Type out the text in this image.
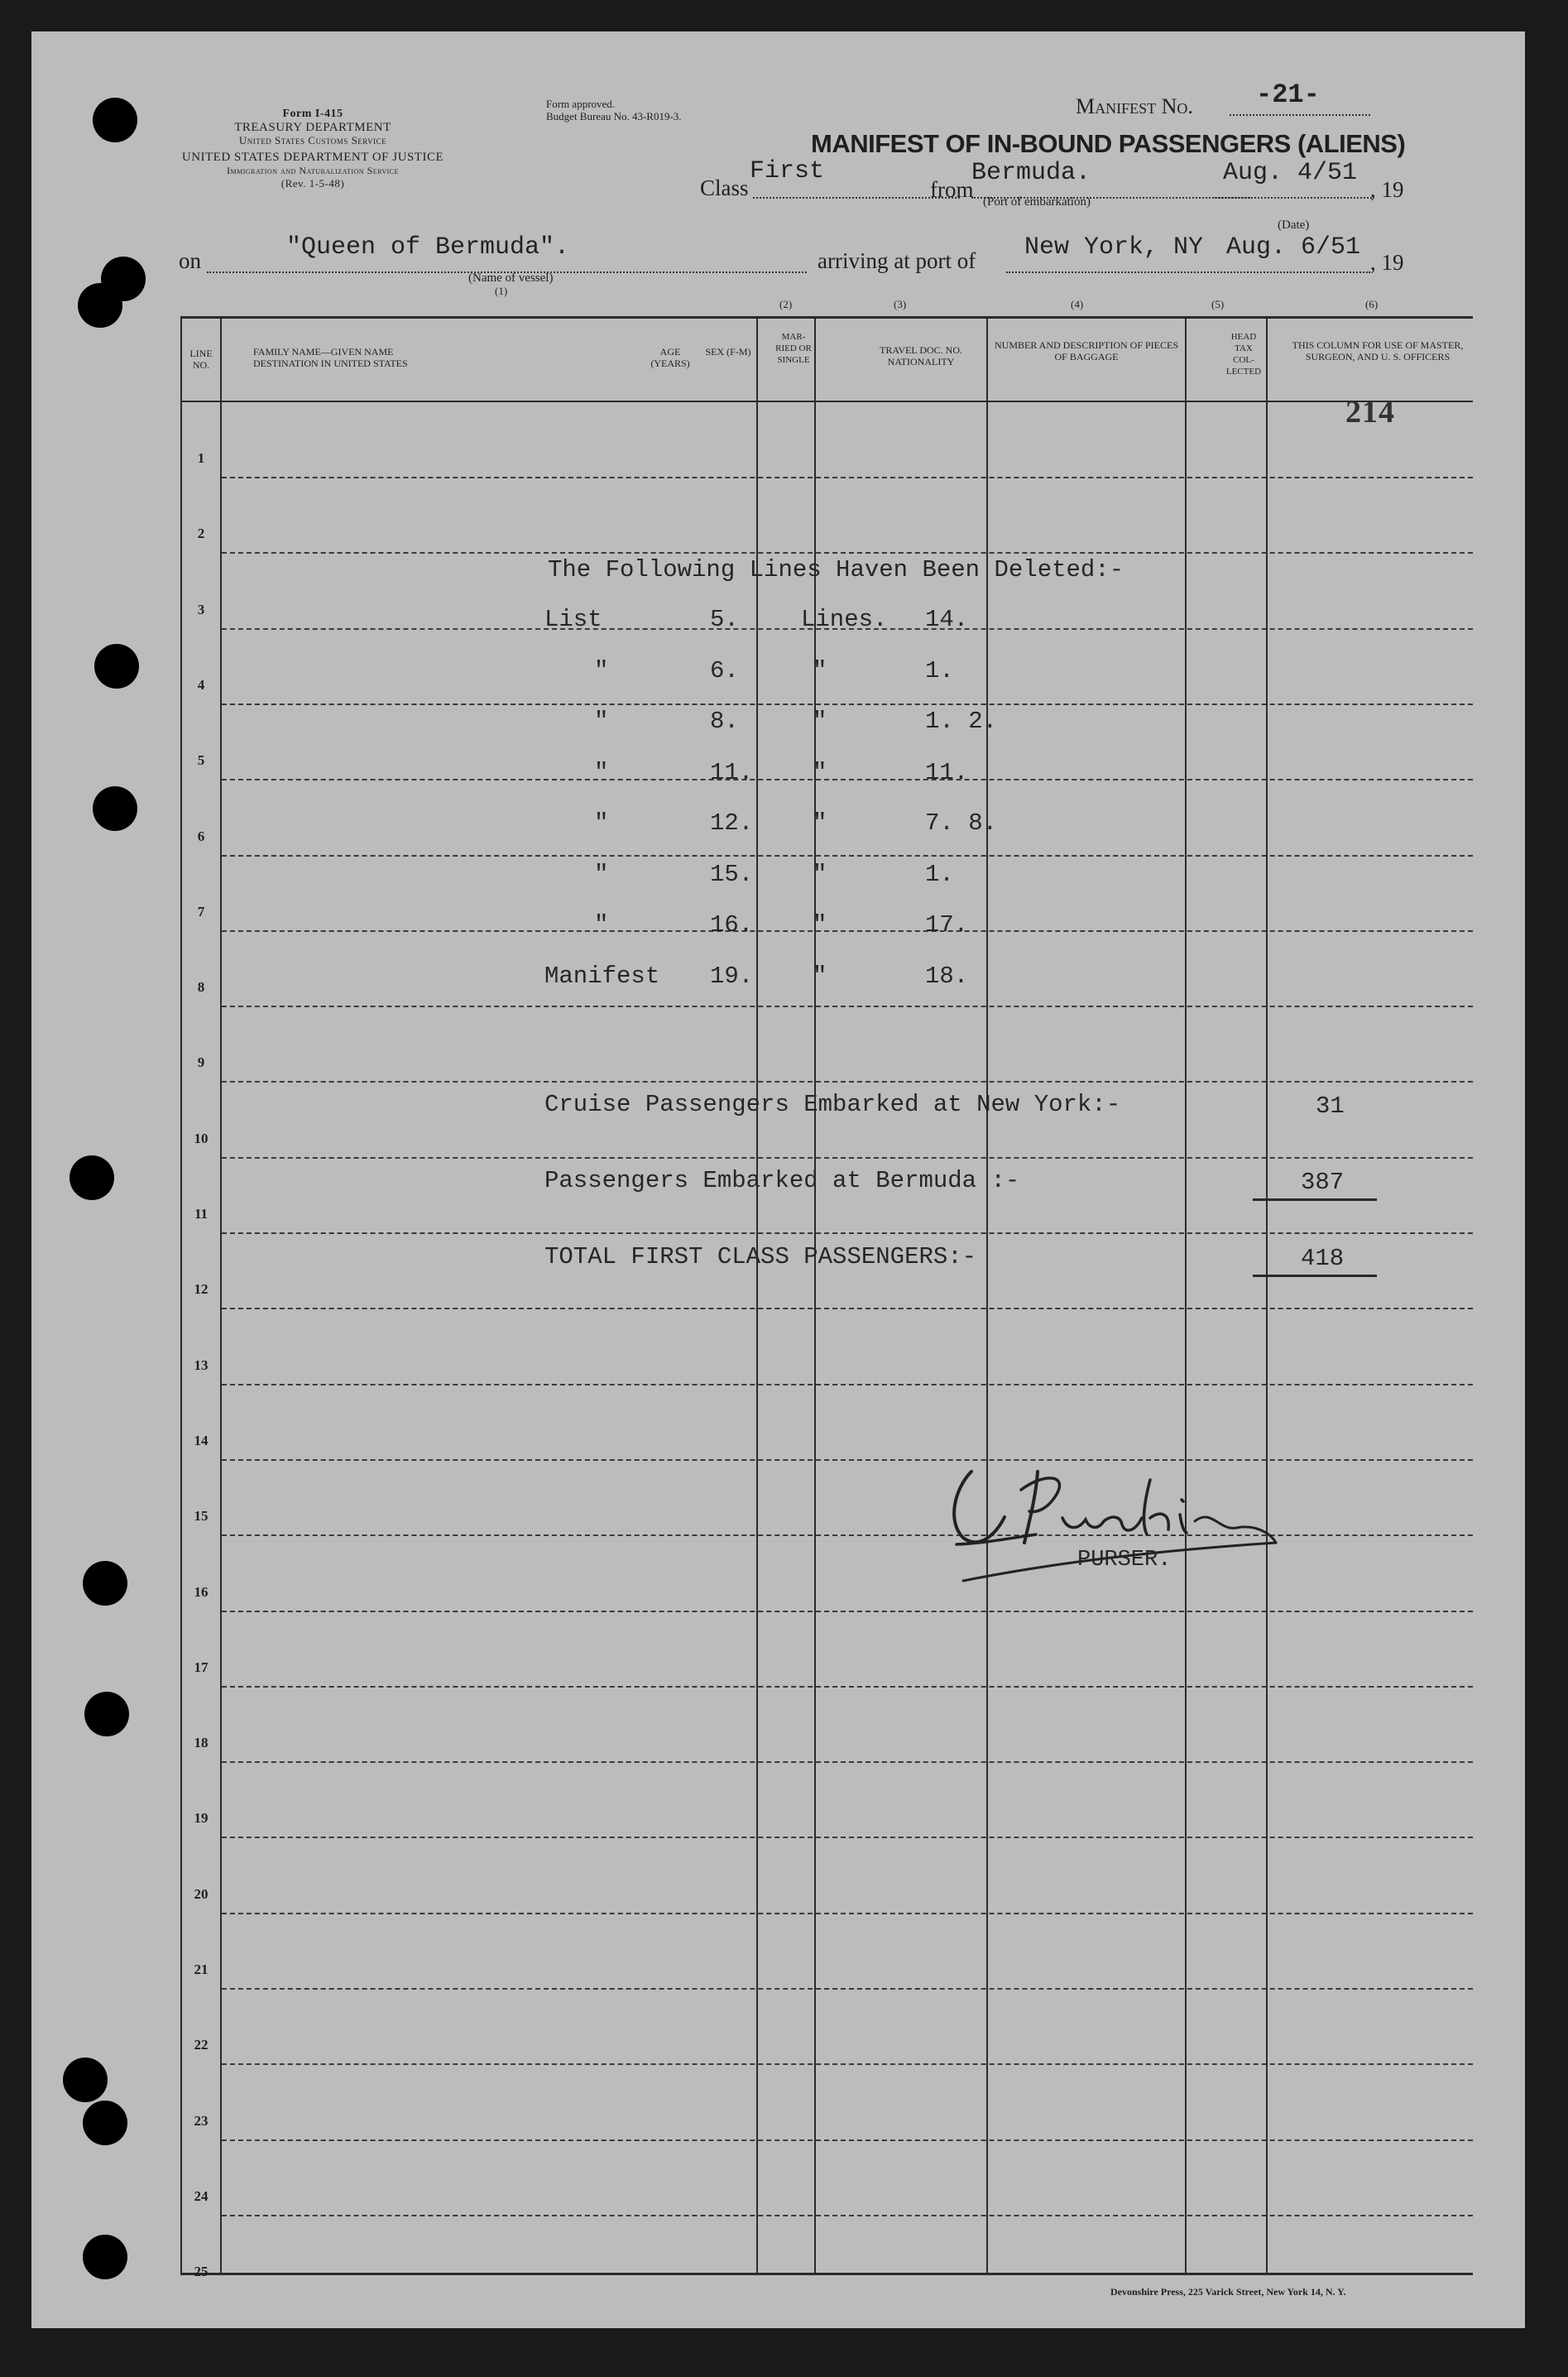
Form I-415
TREASURY DEPARTMENT
United States Customs Service
UNITED STATES DEPARTMENT OF JUSTICE
Immigration and Naturalization Service
(Rev. 1-5-48)
Form approved.
Budget Bureau No. 43-R019-3.	Manifest No. -21-
MANIFEST OF IN-BOUND PASSENGERS (ALIENS)
Class
First
from
Bermuda.	Aug. 4/51
, 19
(Port of embarkation)
on	"Queen of Bermuda".
(Name of vessel)
(1)
arriving at port of New York, NY Aug. 6/51
, 19
(Date)
(2)	(3)	(4)	(5)	(6)
LINE NO.
FAMILY NAME—GIVEN NAME
DESTINATION IN UNITED STATES
AGE (YEARS)
SEX (F-M)
MAR- RIED OR SINGLE
TRAVEL DOC. NO. NATIONALITY
NUMBER AND DESCRIPTION OF PIECES OF BAGGAGE
HEAD TAX COL- LECTED
THIS COLUMN FOR USE OF MASTER, SURGEON, AND U. S. OFFICERS
1
2
3
4
5
6
7
8
9
10
11
12
13
14
15
16
17
18
19
20
21
22
23
24
25
214
The Following Lines Haven Been Deleted:-
List	5.	Lines. 14.
"	6.	"	1.
"	8.	"	1. 2.
"	11. "	11.
"	12. "	7. 8.
"	15. "	1.
"	16. "	17.
Manifest 19. "	18.
Cruise Passengers Embarked at New York:-	31
Passengers Embarked at Bermuda :-	387
TOTAL FIRST CLASS PASSENGERS:-	418
L. Purshie
PURSER.
Devonshire Press, 225 Varick Street, New York 14, N. Y.
